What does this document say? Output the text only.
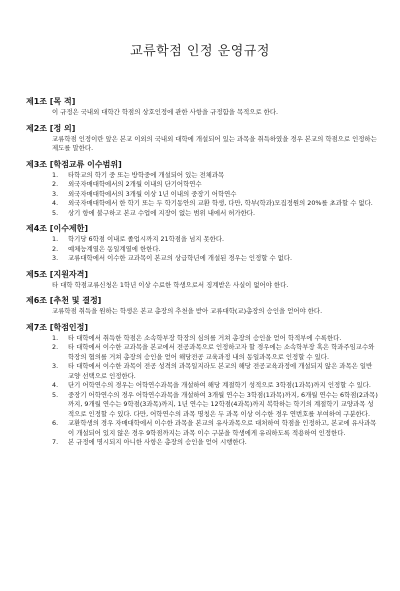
교류학점 인정 운영규정
제1조 [목 적]
이 규정은 국내외 대학간 학점의 상호인정에 관한 사항을 규정함을 목적으로 한다.
제2조 [정 의]
교류학점 인정이란 앞은 본교 이외의 국내외 대학에 개설되어 있는 과목을 취득하였을 경우 본교의 학점으로 인정하는 제도를 말한다.
제3조 [학점교류 이수범위]
1. 타학교의 학기 중 또는 방학중에 개설되어 있는 전체과목
2. 외국자매대학에서의 2개월 이내의 단기어학연수
3. 외국자매대학에서의 3개월 이상 1년 이내의 중장기 어학연수
4. 외국자매대학에서 한 학기 또는 두 학기동안의 교환 학생, 다만, 학부(학과)모집정원의 20%를 초과할 수 없다.
5. 상기 항에 불구하고 본교 수업에 지장이 없는 범위 내에서 허가한다.
제4조 [이수제한]
1. 학기당 6학점 이내로 졸업시까지 21학점을 넘지 못한다.
2. 예체능계열은 동일계열에 한한다.
3. 교류대학에서 이수한 교과목이 본교의 상급학년에 개설된 경우는 인정할 수 없다.
제5조 [지원자격]
타 대학 학점교류신청은 1학년 이상 수료한 학생으로서 징계받은 사실이 없어야 한다.
제6조 [추천 및 결정]
교류학점 취득을 원하는 학생은 본교 총장의 추천을 받아 교류대학(교)총장의 승인을 얻어야 한다.
제7조 [학점인정]
1. 타 대학에서 취득한 학점은 소속학부장 학장의 심의를 거쳐 총장의 승인을 얻어 학적부에 수록한다.
2. 타 대학에서 이수한 교과목을 본교에서 전공과목으로 인정하고자 할 경우에는 소속학부장 혹은 학과주임교수와 학장의 협의를 거쳐 총장의 승인을 얻어 해당전공 교육과정 내의 동일과목으로 인정할 수 있다.
3. 타 대학에서 이수한 과목이 전공 성격의 과목일지라도 본교의 해당 전공교육과정에 개설되지 않은 과목은 일반 교양 선택으로 인정한다.
4. 단기 어학연수의 경우는 어학연수과목을 개설하여 해당 계절학기 성적으로 3학점(1과목)까지 인정할 수 있다.
5. 중장기 어학연수의 경우 어학연수과목을 개설하여 3개월 연수는 3학점(1과목)까지, 6개월 연수는 6학점(2과목)까지, 9개월 연수는 9학점(3과목)까지, 1년 연수는 12학점(4과목)까지 복학하는 학기의 계절학기 교양과목 성적으로 인정할 수 있다. 다만, 어학연수의 과목 명칭은 두 과목 이상 이수한 경우 연번호를 부여하여 구분한다.
6. 교환학생의 경우 자매대학에서 이수한 과목을 본교의 유사과목으로 대처하여 학점을 인정하고, 본교에 유사과목이 개설되어 있지 않은 경우 9학점까지는 과목 이수 구분을 학생에게 유리하도록 적용하여 인정한다.
7. 본 규정에 명시되지 아니한 사항은 총장의 승인을 얻어 시행한다.
